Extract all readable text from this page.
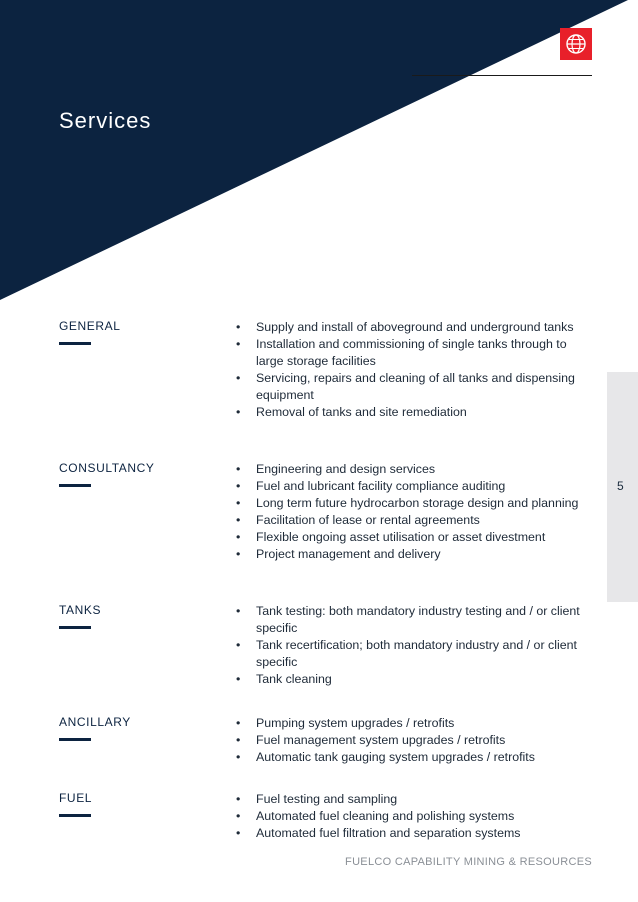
Services
5
GENERAL	• Supply and install of aboveground and underground tanks
• Installation and commissioning of single tanks through to large storage facilities
• Servicing, repairs and cleaning of all tanks and dispensing equipment
• Removal of tanks and site remediation
CONSULTANCY	• Engineering and design services
• Fuel and lubricant facility compliance auditing
• Long term future hydrocarbon storage design and planning
• Facilitation of lease or rental agreements
• Flexible ongoing asset utilisation or asset divestment
• Project management and delivery
TANKS	• Tank testing: both mandatory industry testing and / or client specific
• Tank recertification; both mandatory industry and / or client specific
• Tank cleaning
ANCILLARY	• Pumping system upgrades / retrofits
• Fuel management system upgrades / retrofits
• Automatic tank gauging system upgrades / retrofits
FUEL	• Fuel testing and sampling
• Automated fuel cleaning and polishing systems
• Automated fuel filtration and separation systems
FUELCO CAPABILITY MINING & RESOURCES
